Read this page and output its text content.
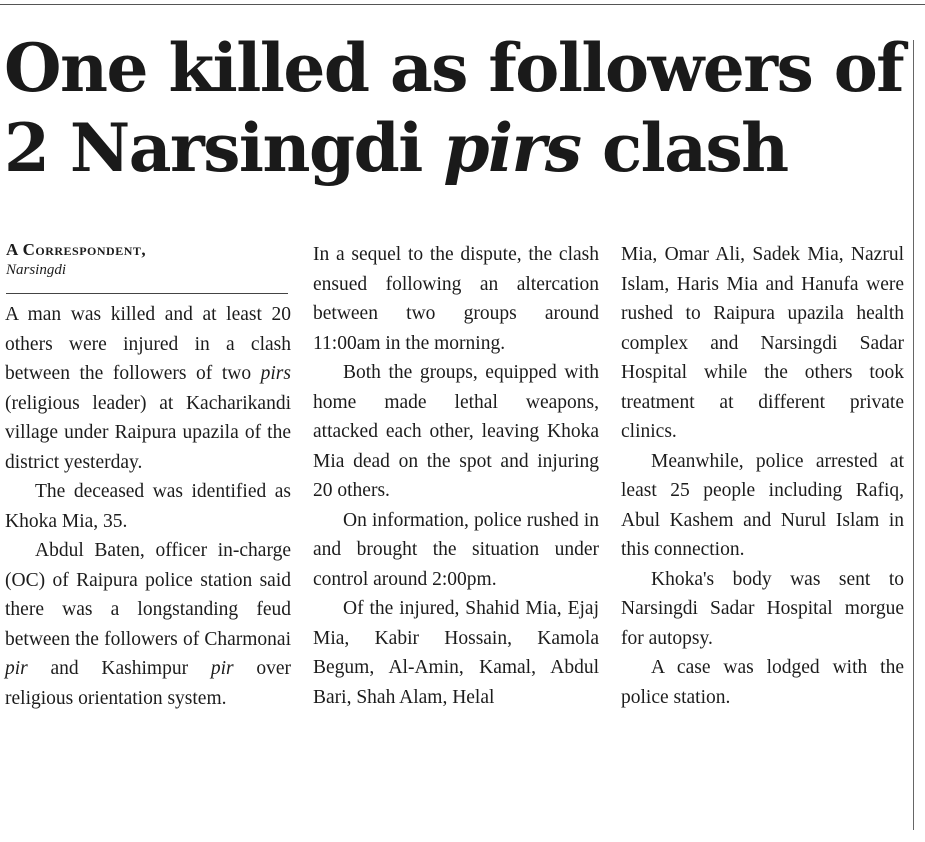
One killed as followers of
2 Narsingdi pirs clash
A Correspondent,
Narsingdi

A man was killed and at least 20 others were injured in a clash between the followers of two pirs (religious leader) at Kacharikandi village under Raipura upazila of the district yesterday.

The deceased was identified as Khoka Mia, 35.

Abdul Baten, officer in-charge (OC) of Raipura police station said there was a longstanding feud between the followers of Charmonai pir and Kashimpur pir over religious orientation system.

In a sequel to the dispute, the clash ensued following an altercation between two groups around 11:00am in the morning.

Both the groups, equipped with home made lethal weapons, attacked each other, leaving Khoka Mia dead on the spot and injuring 20 others.

On information, police rushed in and brought the situation under control around 2:00pm.

Of the injured, Shahid Mia, Ejaj Mia, Kabir Hossain, Kamola Begum, Al-Amin, Kamal, Abdul Bari, Shah Alam, Helal

Mia, Omar Ali, Sadek Mia, Nazrul Islam, Haris Mia and Hanufa were rushed to Raipura upazila health complex and Narsingdi Sadar Hospital while the others took treatment at different private clinics.

Meanwhile, police arrested at least 25 people including Rafiq, Abul Kashem and Nurul Islam in this connection.

Khoka's body was sent to Narsingdi Sadar Hospital morgue for autopsy.

A case was lodged with the police station.
